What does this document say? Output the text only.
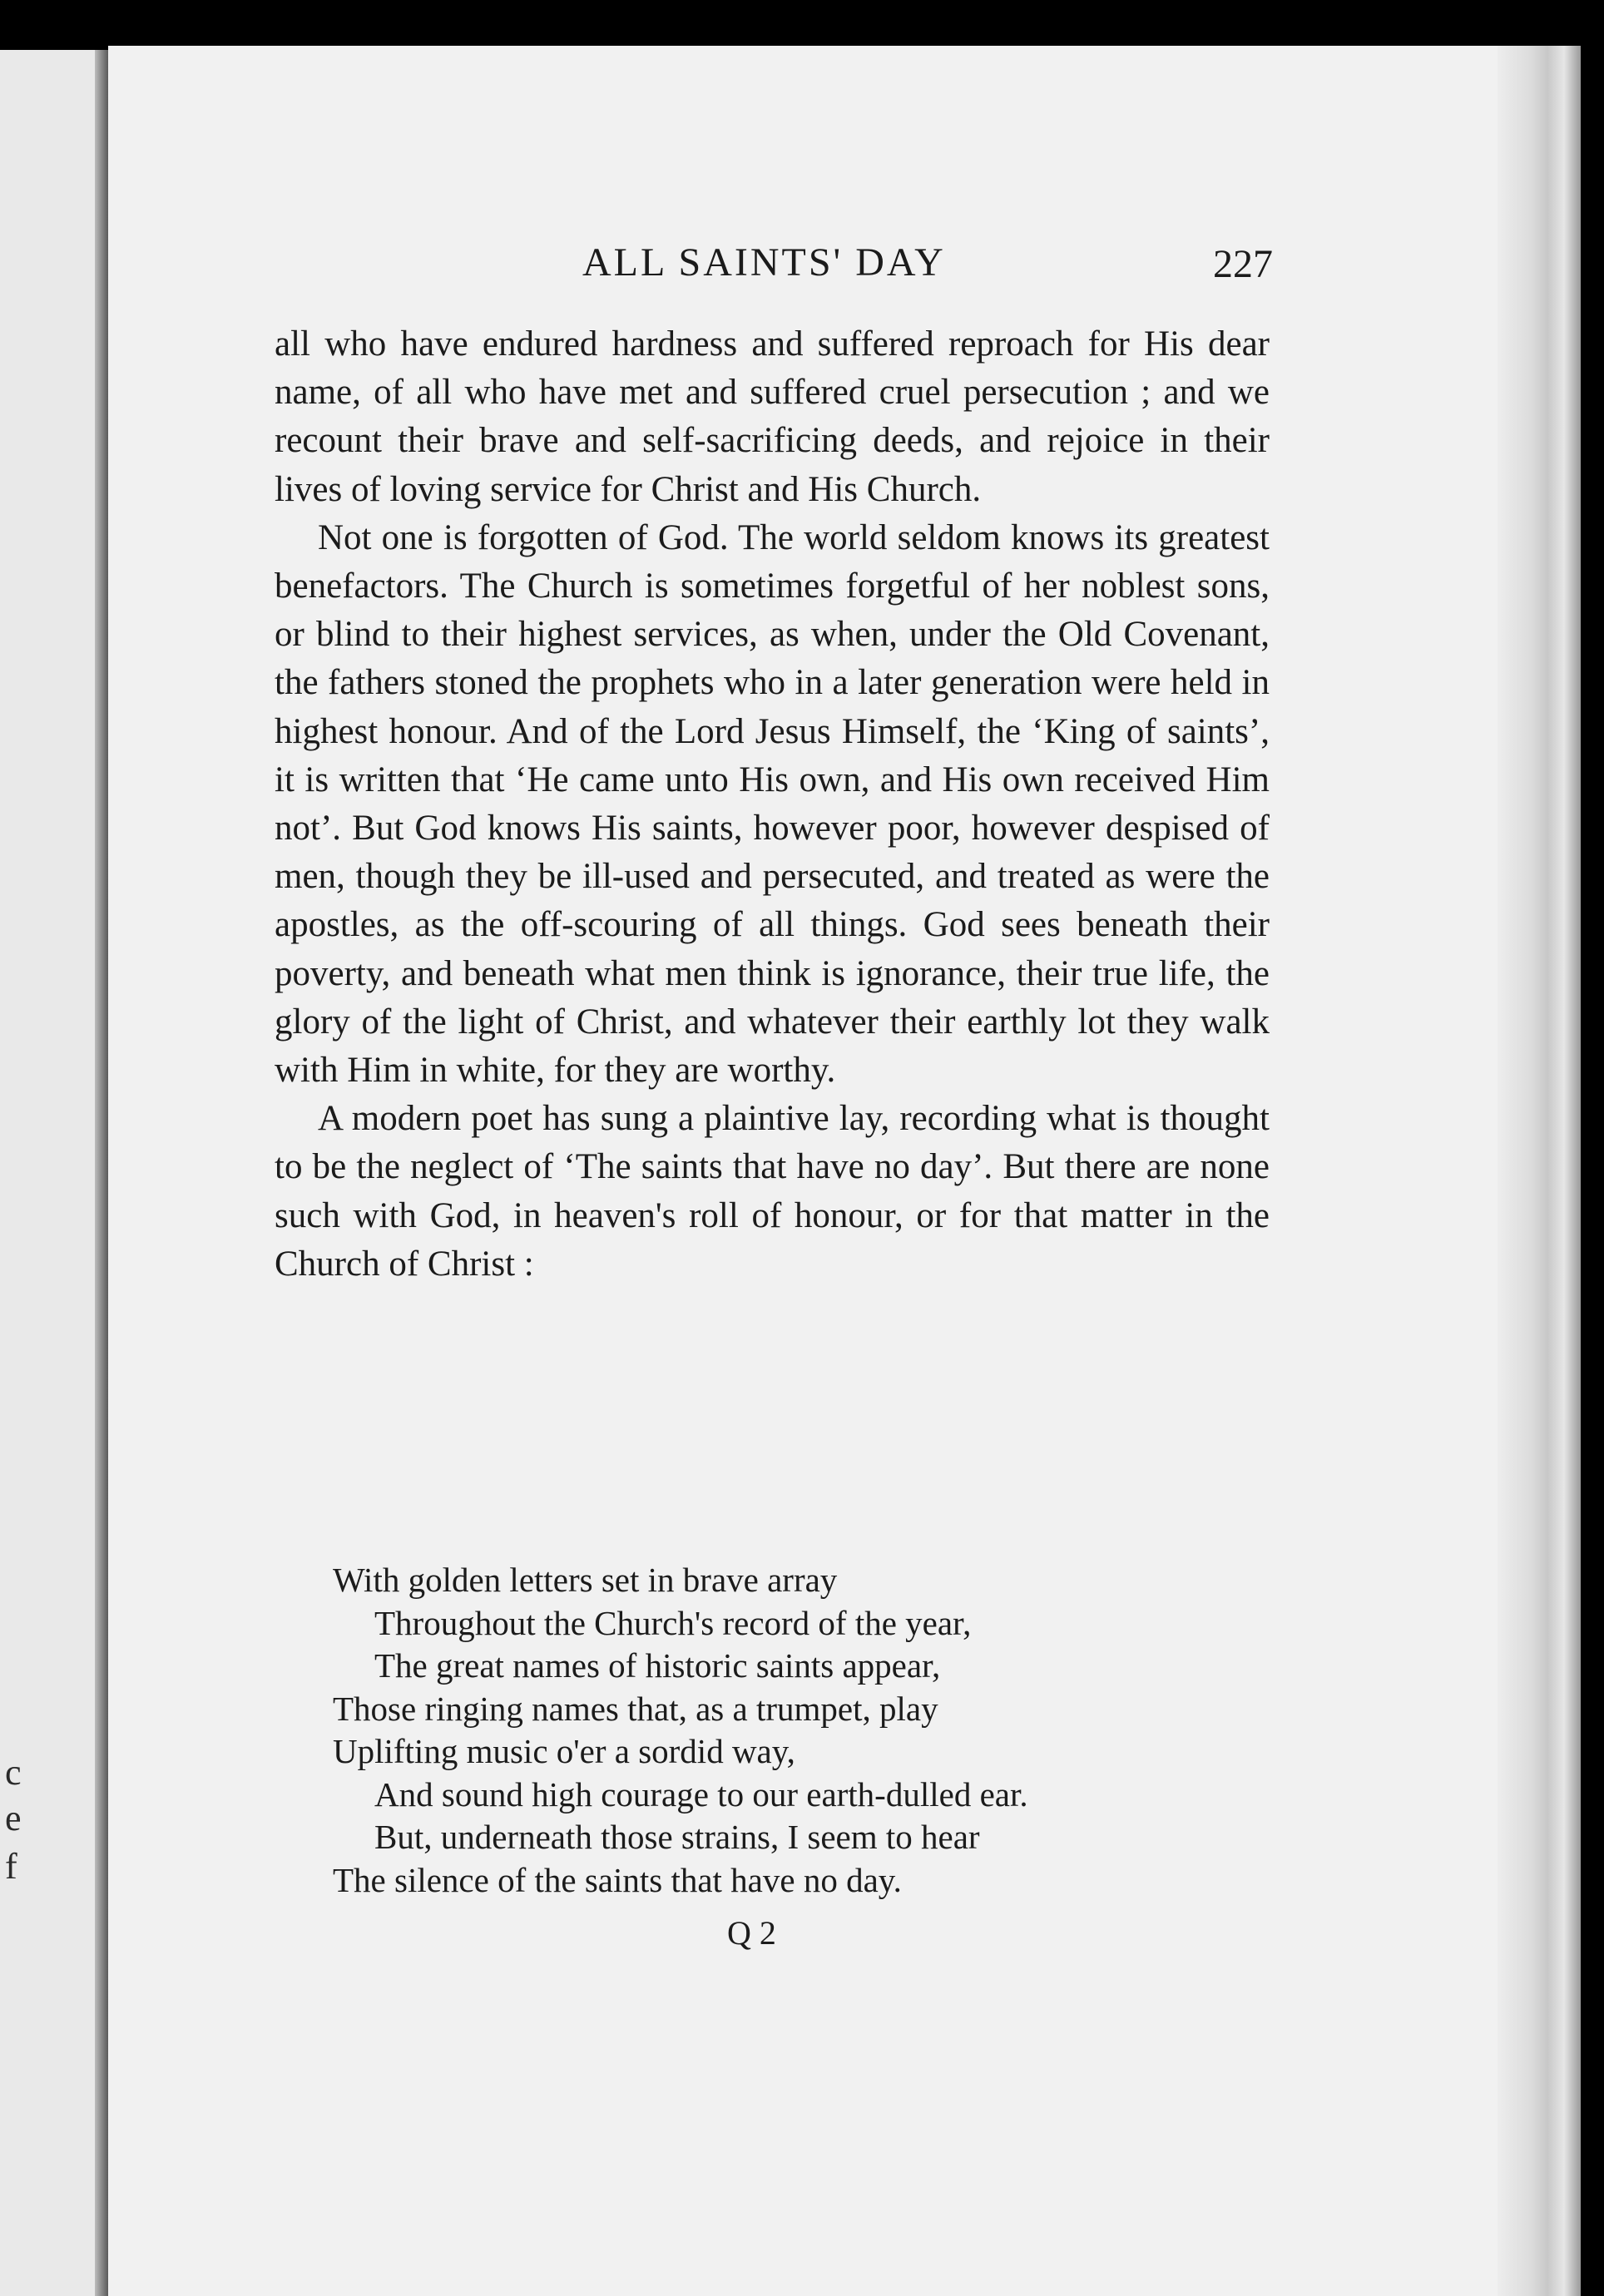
c
e
f
ALL SAINTS' DAY	227

all who have endured hardness and suffered reproach for His dear name, of all who have met and suffered cruel persecution ; and we recount their brave and self-sacrificing deeds, and rejoice in their lives of loving service for Christ and His Church.

Not one is forgotten of God. The world seldom knows its greatest benefactors. The Church is sometimes forgetful of her noblest sons, or blind to their highest services, as when, under the Old Covenant, the fathers stoned the prophets who in a later generation were held in highest honour. And of the Lord Jesus Himself, the ‘King of saints’, it is written that ‘He came unto His own, and His own received Him not’. But God knows His saints, however poor, however despised of men, though they be ill-used and persecuted, and treated as were the apostles, as the off-scouring of all things. God sees beneath their poverty, and beneath what men think is ignorance, their true life, the glory of the light of Christ, and whatever their earthly lot they walk with Him in white, for they are worthy.

A modern poet has sung a plaintive lay, recording what is thought to be the neglect of ‘The saints that have no day’. But there are none such with God, in heaven's roll of honour, or for that matter in the Church of Christ :

With golden letters set in brave array
Throughout the Church's record of the year,
The great names of historic saints appear,
Those ringing names that, as a trumpet, play
Uplifting music o'er a sordid way,
And sound high courage to our earth-dulled ear.
But, underneath those strains, I seem to hear
The silence of the saints that have no day.
Q 2
